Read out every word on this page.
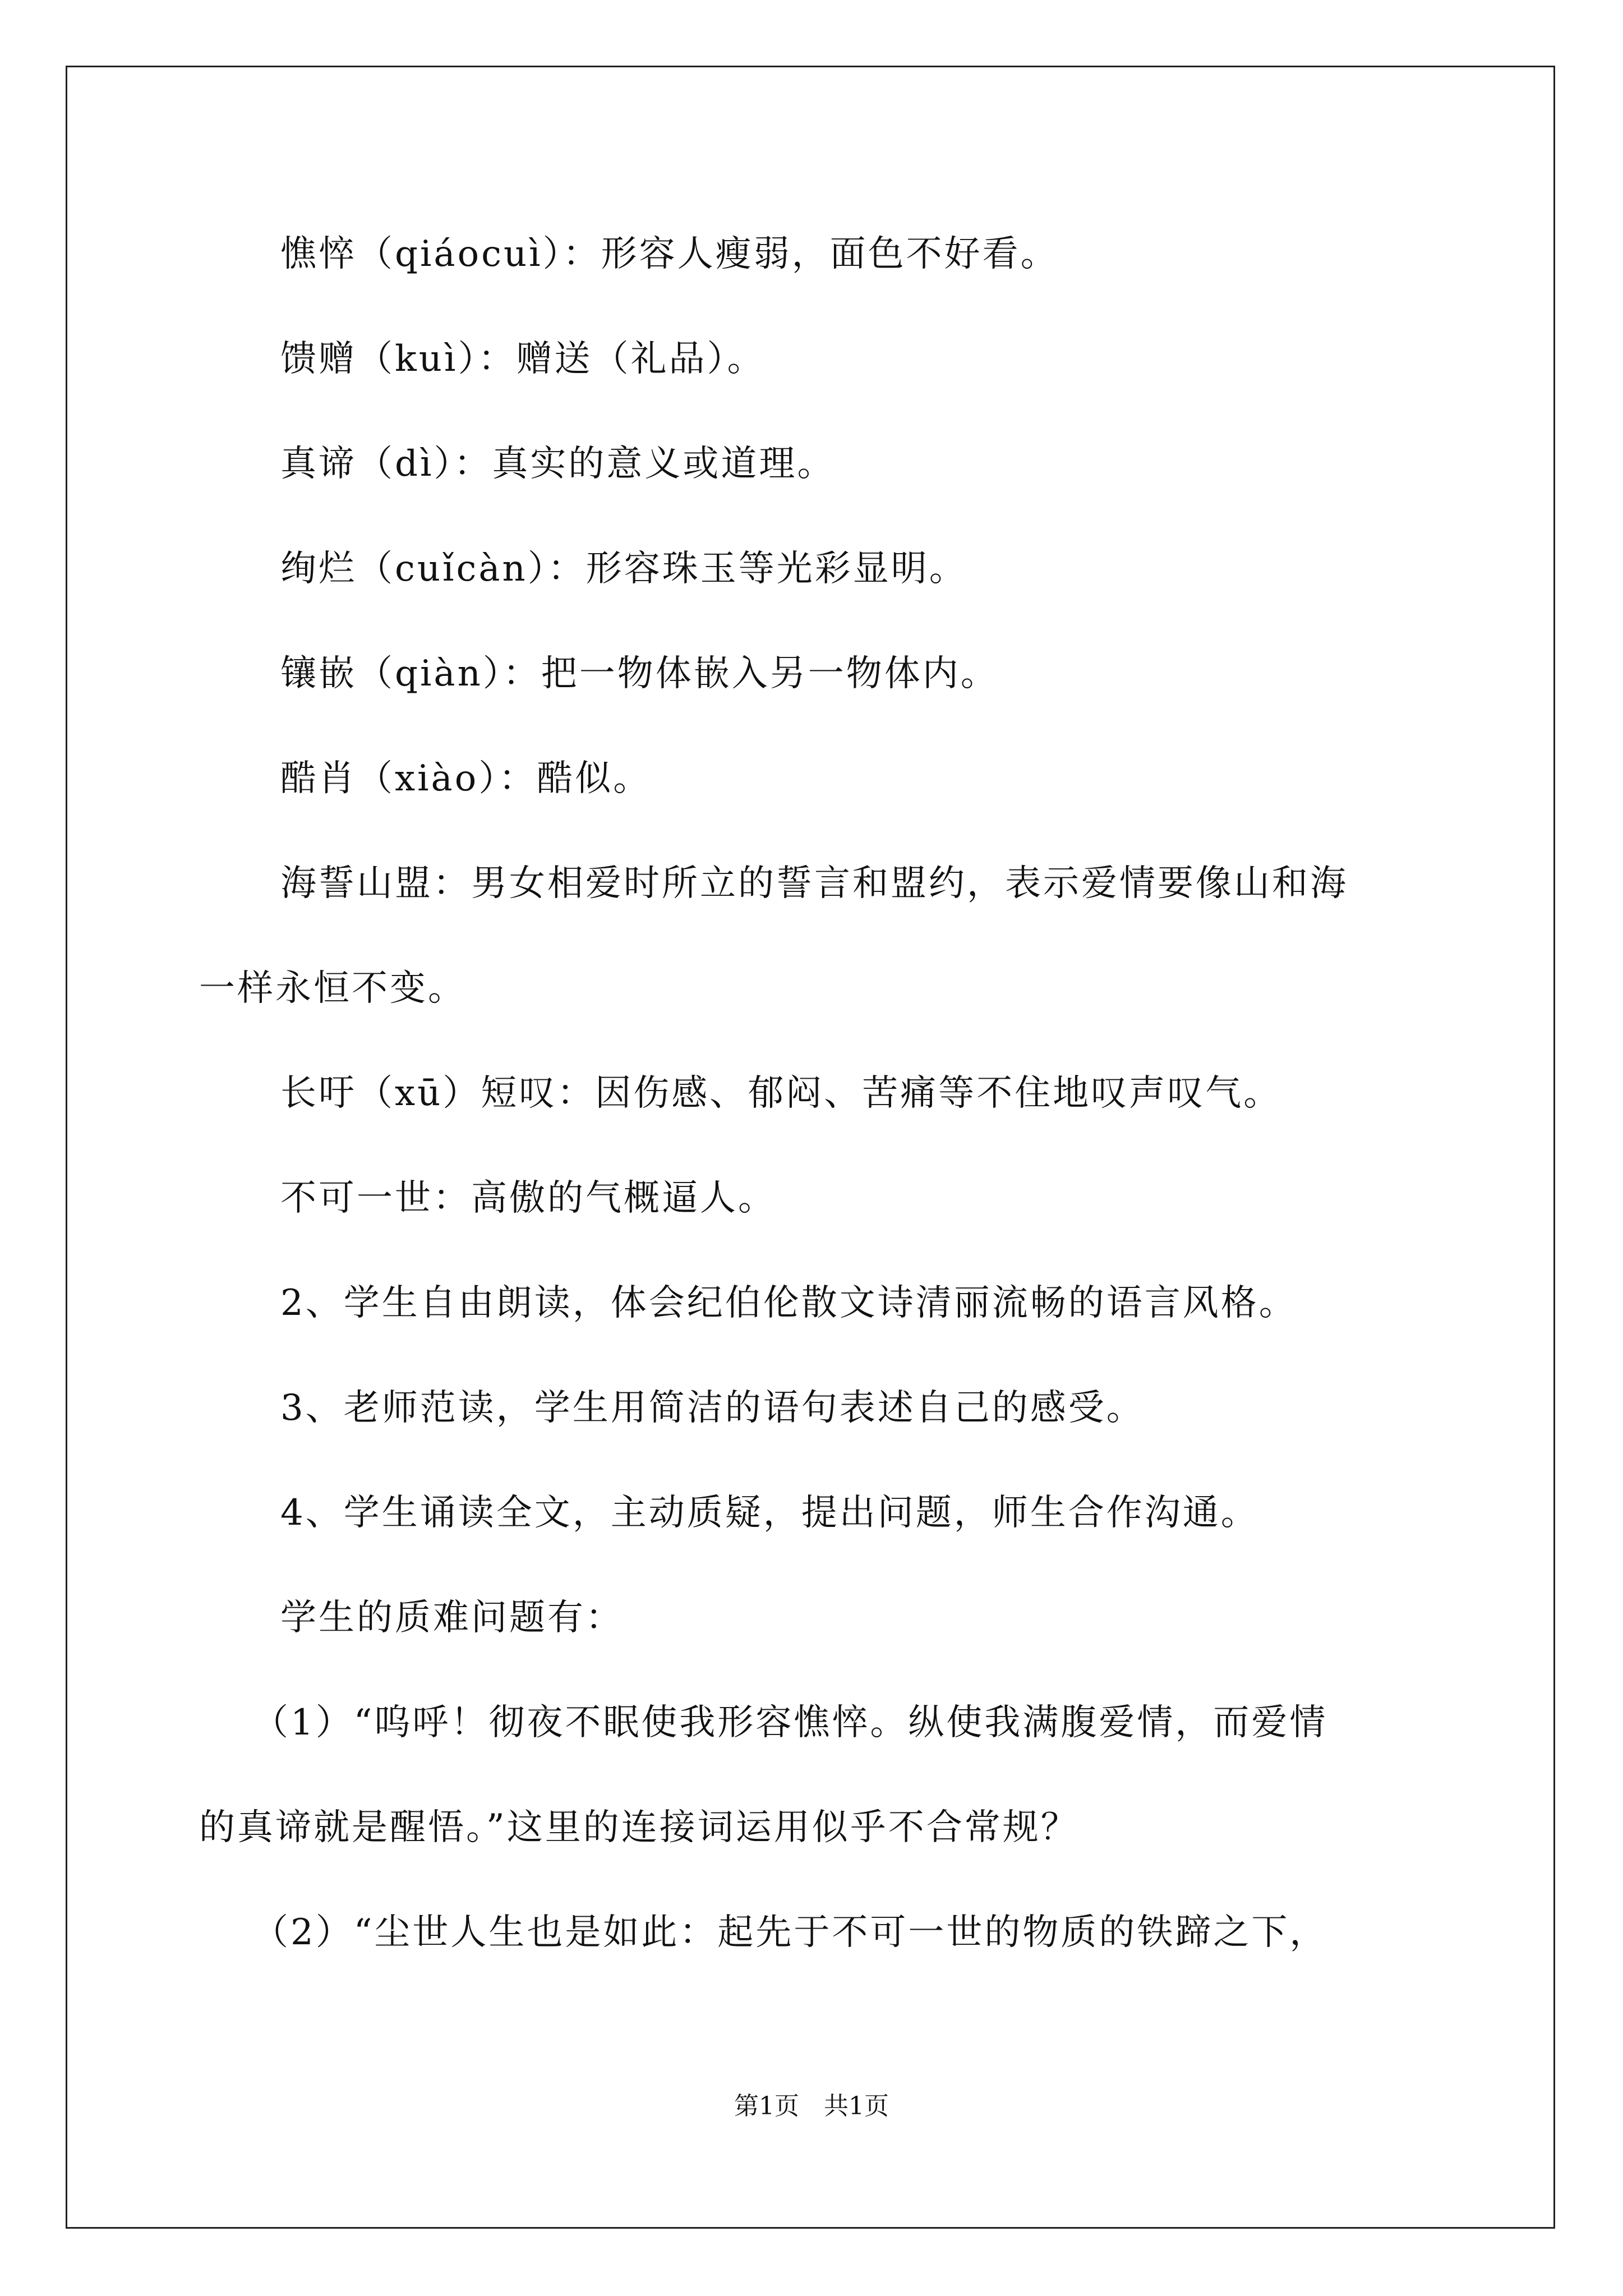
憔悴（qiáocuì）：形容人瘦弱，面色不好看。
馈赠（kuì）：赠送（礼品）。
真谛（dì）：真实的意义或道理。
绚烂（cuǐcàn）：形容珠玉等光彩显明。
镶嵌（qiàn）：把一物体嵌入另一物体内。
酷肖（xiào）：酷似。
海誓山盟：男女相爱时所立的誓言和盟约，表示爱情要像山和海
一样永恒不变。
长吁（xū）短叹：因伤感、郁闷、苦痛等不住地叹声叹气。
不可一世：高傲的气概逼人。
2、学生自由朗读，体会纪伯伦散文诗清丽流畅的语言风格。
3、老师范读，学生用简洁的语句表述自己的感受。
4、学生诵读全文，主动质疑，提出问题，师生合作沟通。
学生的质难问题有：
（1）“呜呼！彻夜不眠使我形容憔悴。纵使我满腹爱情，而爱情
的真谛就是醒悟。”这里的连接词运用似乎不合常规？
（2）“尘世人生也是如此：起先于不可一世的物质的铁蹄之下，
第1页　共1页
